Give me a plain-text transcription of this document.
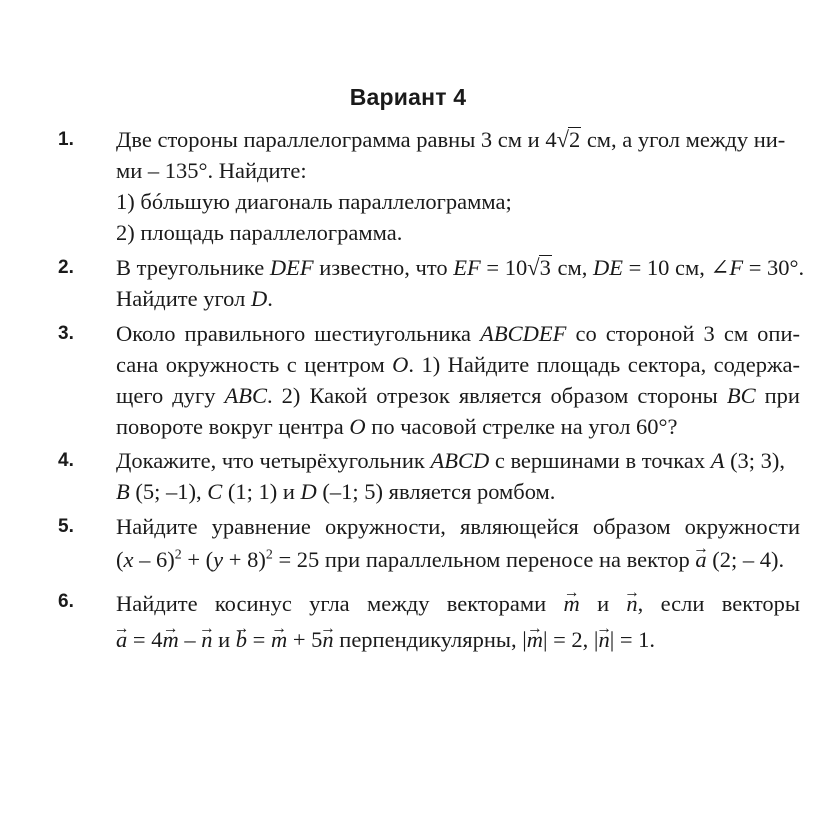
Вариант 4
1. Две стороны параллелограмма равны 3 см и 4√2 см, а угол между ни-
ми – 135°. Найдите:
1) бóльшую диагональ параллелограмма;
2) площадь параллелограмма.
2. В треугольнике DEF известно, что EF = 10√3 см, DE = 10 см, ∠F = 30°.
Найдите угол D.
3. Около правильного шестиугольника ABCDEF со стороной 3 см опи-
сана окружность с центром O. 1) Найдите площадь сектора, содержа-
щего дугу ABC. 2) Какой отрезок является образом стороны BC при
повороте вокруг центра O по часовой стрелке на угол 60°?
4. Докажите, что четырёхугольник ABCD с вершинами в точках A (3; 3),
B (5; –1), C (1; 1) и D (–1; 5) является ромбом.
5. Найдите уравнение окружности, являющейся образом окружности
$(x - 6)^2 + (y + 8)^2 = 25$ при параллельном переносе на вектор → a (2; – 4).
6. Найдите косинус угла между векторами → m и → n, если векторы
→ a = 4→ m – → n и → b = → m + 5→ n перпендикулярны, |→ m| = 2, |→ n| = 1.
